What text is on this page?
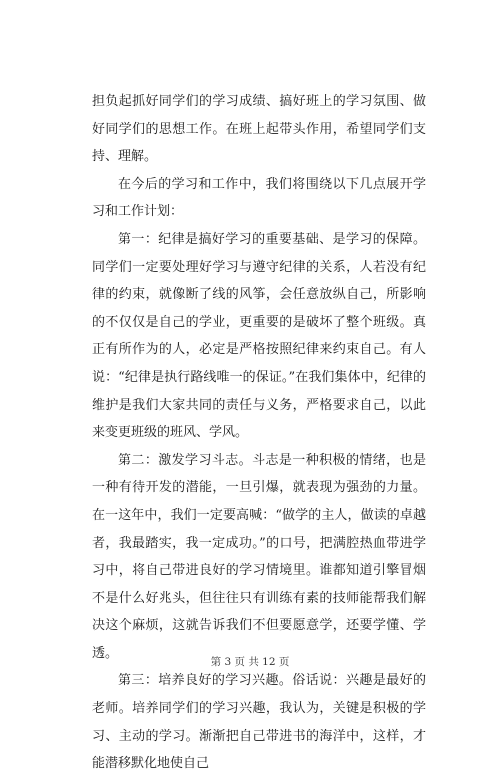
担负起抓好同学们的学习成绩、搞好班上的学习氛围、做好同学们的思想工作。在班上起带头作用，希望同学们支持、理解。

在今后的学习和工作中，我们将围绕以下几点展开学习和工作计划：

第一：纪律是搞好学习的重要基础、是学习的保障。同学们一定要处理好学习与遵守纪律的关系，人若没有纪律的约束，就像断了线的风筝，会任意放纵自己，所影响的不仅仅是自己的学业，更重要的是破坏了整个班级。真正有所作为的人，必定是严格按照纪律来约束自己。有人说：“纪律是执行路线唯一的保证。”在我们集体中，纪律的维护是我们大家共同的责任与义务，严格要求自己，以此来变更班级的班风、学风。

第二：激发学习斗志。斗志是一种积极的情绪，也是一种有待开发的潜能，一旦引爆，就表现为强劲的力量。在一这年中，我们一定要高喊：“做学的主人，做读的卓越者，我最踏实，我一定成功。”的口号，把满腔热血带进学习中，将自己带进良好的学习情境里。谁都知道引擎冒烟不是什么好兆头，但往往只有训练有素的技师能帮我们解决这个麻烦，这就告诉我们不但要愿意学，还要学懂、学透。

第三：培养良好的学习兴趣。俗话说：兴趣是最好的老师。培养同学们的学习兴趣，我认为，关键是积极的学习、主动的学习。渐渐把自己带进书的海洋中，这样，才能潜移默化地使自己

第 3 页 共 12 页
